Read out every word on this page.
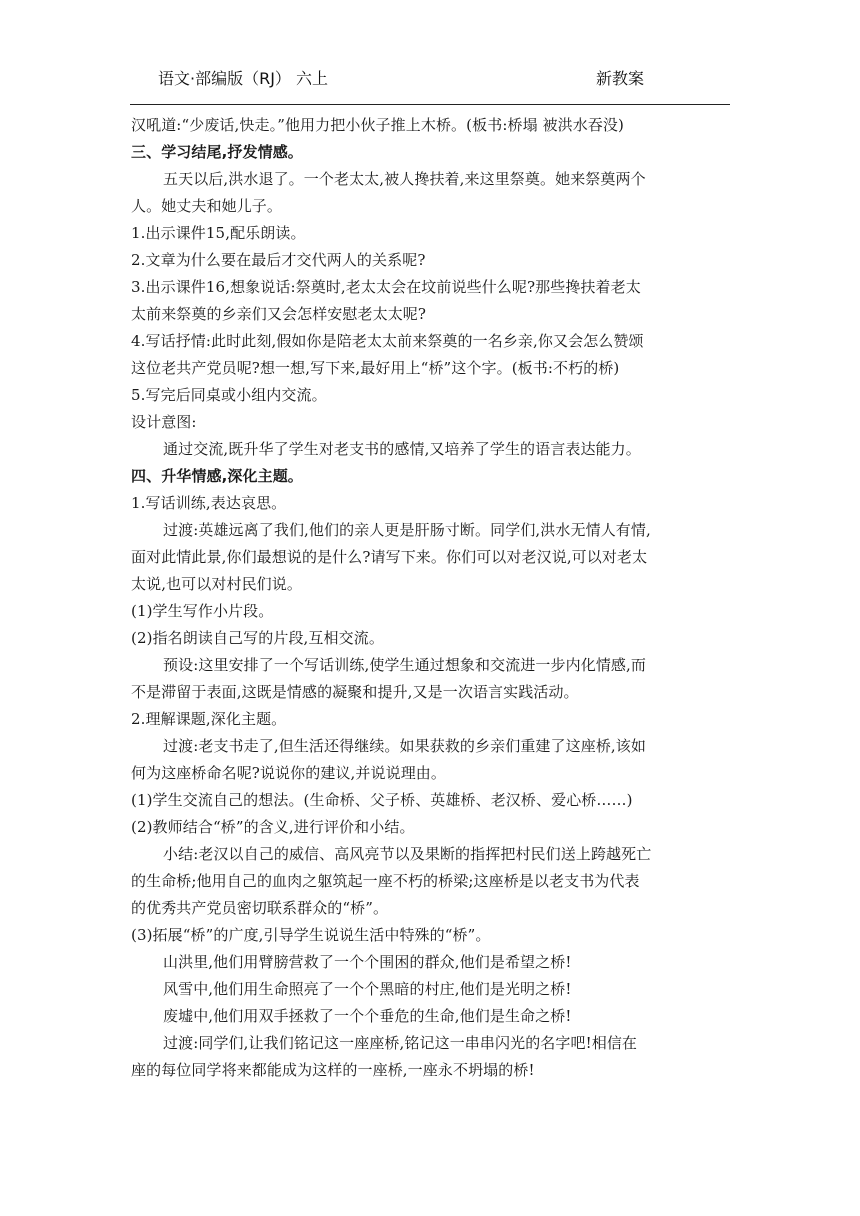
语文·部编版（RJ） 六上	新教案
汉吼道:“少废话,快走。”他用力把小伙子推上木桥。(板书:桥塌 被洪水吞没)
三、学习结尾,抒发情感。
五天以后,洪水退了。一个老太太,被人搀扶着,来这里祭奠。她来祭奠两个
人。她丈夫和她儿子。
1.出示课件15,配乐朗读。
2.文章为什么要在最后才交代两人的关系呢?
3.出示课件16,想象说话:祭奠时,老太太会在坟前说些什么呢?那些搀扶着老太
太前来祭奠的乡亲们又会怎样安慰老太太呢?
4.写话抒情:此时此刻,假如你是陪老太太前来祭奠的一名乡亲,你又会怎么赞颂
这位老共产党员呢?想一想,写下来,最好用上“桥”这个字。(板书:不朽的桥)
5.写完后同桌或小组内交流。
设计意图:
通过交流,既升华了学生对老支书的感情,又培养了学生的语言表达能力。
四、升华情感,深化主题。
1.写话训练,表达哀思。
过渡:英雄远离了我们,他们的亲人更是肝肠寸断。同学们,洪水无情人有情,
面对此情此景,你们最想说的是什么?请写下来。你们可以对老汉说,可以对老太
太说,也可以对村民们说。
(1)学生写作小片段。
(2)指名朗读自己写的片段,互相交流。
预设:这里安排了一个写话训练,使学生通过想象和交流进一步内化情感,而
不是滞留于表面,这既是情感的凝聚和提升,又是一次语言实践活动。
2.理解课题,深化主题。
过渡:老支书走了,但生活还得继续。如果获救的乡亲们重建了这座桥,该如
何为这座桥命名呢?说说你的建议,并说说理由。
(1)学生交流自己的想法。(生命桥、父子桥、英雄桥、老汉桥、爱心桥……)
(2)教师结合“桥”的含义,进行评价和小结。
小结:老汉以自己的威信、高风亮节以及果断的指挥把村民们送上跨越死亡
的生命桥;他用自己的血肉之躯筑起一座不朽的桥梁;这座桥是以老支书为代表
的优秀共产党员密切联系群众的“桥”。
(3)拓展“桥”的广度,引导学生说说生活中特殊的“桥”。
山洪里,他们用臂膀营救了一个个围困的群众,他们是希望之桥!
风雪中,他们用生命照亮了一个个黑暗的村庄,他们是光明之桥!
废墟中,他们用双手拯救了一个个垂危的生命,他们是生命之桥!
过渡:同学们,让我们铭记这一座座桥,铭记这一串串闪光的名字吧!相信在
座的每位同学将来都能成为这样的一座桥,一座永不坍塌的桥!
